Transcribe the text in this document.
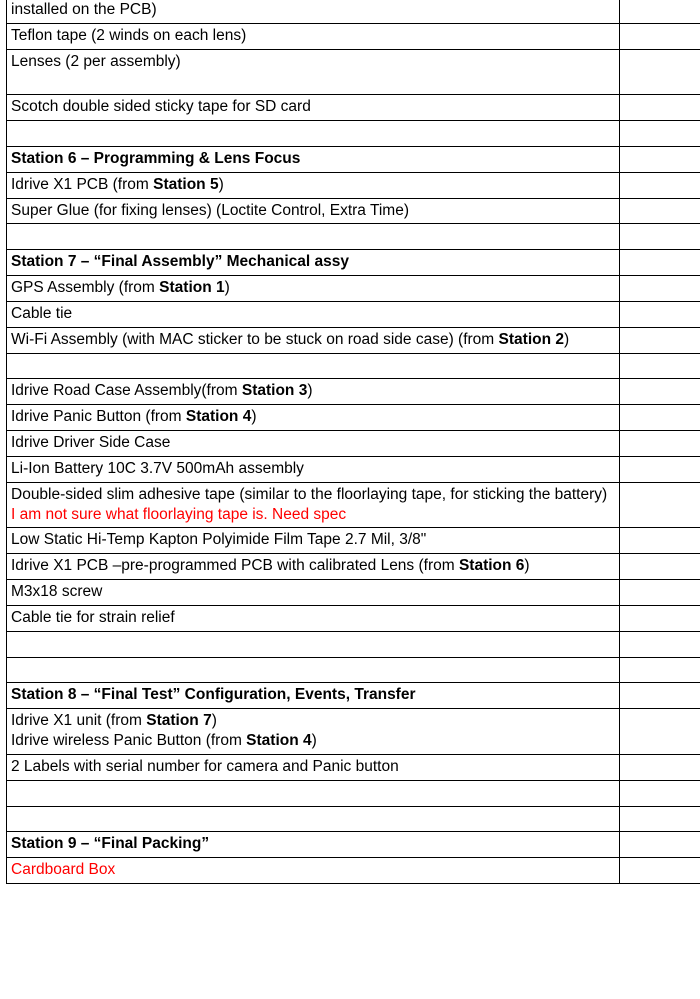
installed on the PCB)	

Teflon tape (2 winds on each lens)	

Lenses (2 per assembly)	

Scotch double sided sticky tape for SD card	

Station 6 – Programming & Lens Focus	

Idrive X1 PCB (from Station 5)	

Super Glue (for fixing lenses) (Loctite Control, Extra Time)	

Station 7 – “Final Assembly” Mechanical assy	

GPS Assembly (from Station 1)	

Cable tie	

Wi-Fi Assembly (with MAC sticker to be stuck on road side case) (from Station 2)	

Idrive Road Case Assembly(from Station 3)	

Idrive Panic Button (from Station 4)	

Idrive Driver Side Case	

Li-Ion Battery 10C 3.7V 500mAh assembly	

Double-sided slim adhesive tape (similar to the floorlaying tape, for sticking the battery) I am not sure what floorlaying tape is. Need spec	

Low Static Hi-Temp Kapton Polyimide Film Tape 2.7 Mil, 3/8"	

Idrive X1 PCB –pre-programmed PCB with calibrated Lens (from Station 6)	

M3x18 screw	

Cable tie for strain relief	

Station 8 – “Final Test” Configuration, Events, Transfer	

Idrive X1 unit (from Station 7)
Idrive wireless Panic Button (from Station 4)	

2 Labels with serial number for camera and Panic button	

Station 9 – “Final Packing”	

Cardboard Box	
